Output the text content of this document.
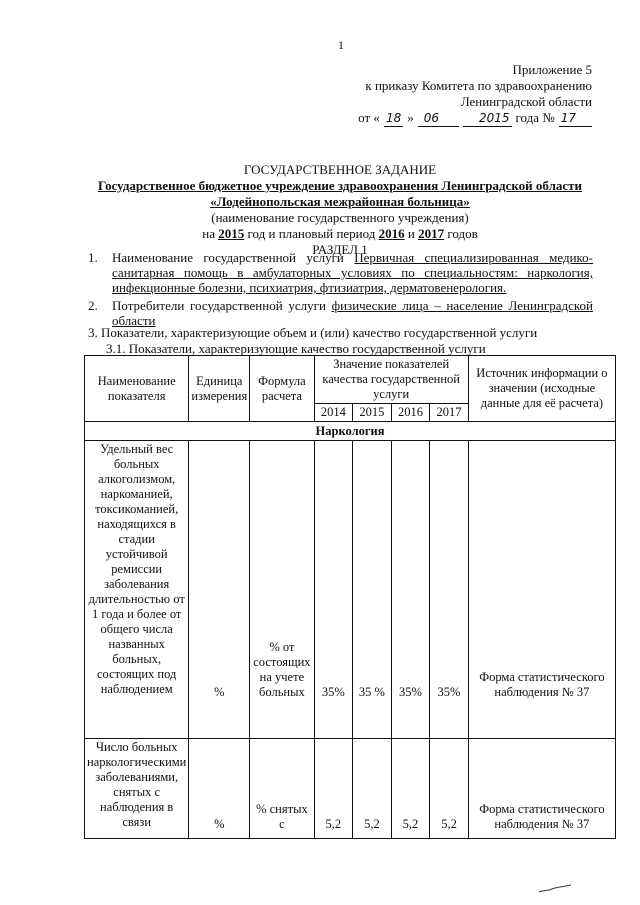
1
Приложение 5
к приказу Комитета по здравоохранению
Ленинградской области
от « 18 » 06	2015 года № 17
ГОСУДАРСТВЕННОЕ ЗАДАНИЕ
Государственное бюджетное учреждение здравоохранения Ленинградской области
«Лодейнопольская межрайонная больница»
(наименование государственного учреждения)
на 2015 год и плановый период 2016 и 2017 годов
РАЗДЕЛ 1
1.	Наименование государственной услуги Первичная специализированная медико-санитарная помощь в амбулаторных условиях по специальностям: наркология, инфекционные болезни, психиатрия, фтизиатрия, дерматовенерология.
2.	Потребители государственной услуги физические лица – население Ленинградской области
3. Показатели, характеризующие объем и (или) качество государственной услуги
3.1. Показатели, характеризующие качество государственной услуги
Наименование показателя	Единица измерения	Формула расчета	Значение показателей качества государственной услуги				Источник информации о значении (исходные данные для её расчета)
			2014	2015	2016	2017	
Наркология							
Удельный вес больных алкоголизмом, наркоманией, токсикоманией, находящихся в стадии устойчивой ремиссии заболевания длительностью от 1 года и более от общего числа названных больных, состоящих под наблюдением	%	% от состоящих на учете больных	35%	35 %	35%	35%	Форма статистического наблюдения № 37
Число больных наркологическими заболеваниями, снятых с наблюдения в связи	%	% снятых с	5,2	5,2	5,2	5,2	Форма статистического наблюдения № 37
